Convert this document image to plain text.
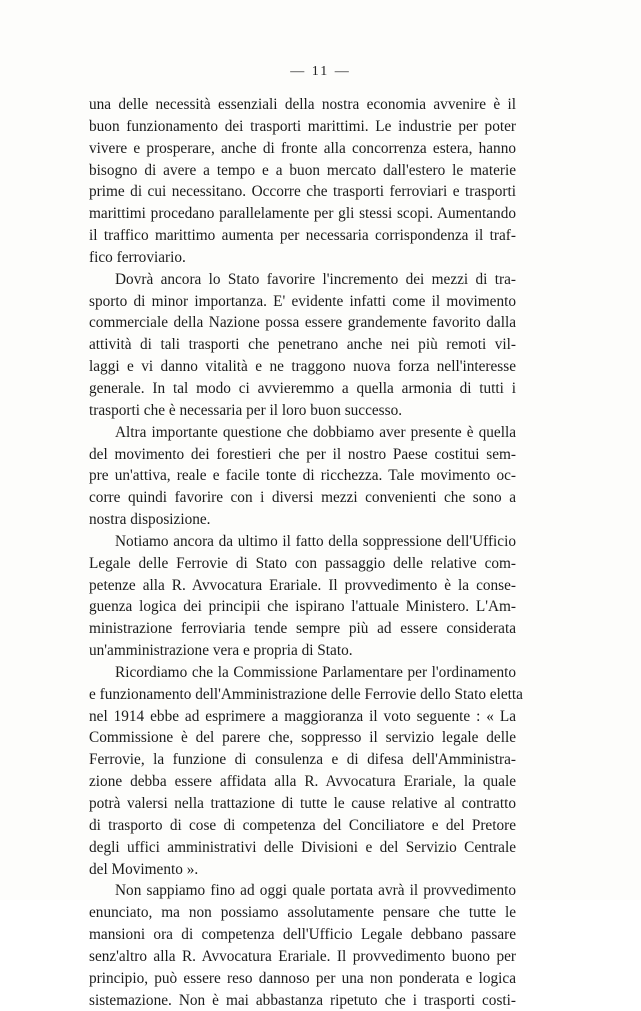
— 11 —

una delle necessità essenziali della nostra economia avvenire è il
buon funzionamento dei trasporti marittimi. Le industrie per poter
vivere e prosperare, anche di fronte alla concorrenza estera, hanno
bisogno di avere a tempo e a buon mercato dall'estero le materie
prime di cui necessitano. Occorre che trasporti ferroviari e trasporti
marittimi procedano parallelamente per gli stessi scopi. Aumentando
il traffico marittimo aumenta per necessaria corrispondenza il traf-
fico ferroviario.

Dovrà ancora lo Stato favorire l'incremento dei mezzi di tra-
sporto di minor importanza. E' evidente infatti come il movimento
commerciale della Nazione possa essere grandemente favorito dalla
attività di tali trasporti che penetrano anche nei più remoti vil-
laggi e vi danno vitalità e ne traggono nuova forza nell'interesse
generale. In tal modo ci avvieremmo a quella armonia di tutti i
trasporti che è necessaria per il loro buon successo.

Altra importante questione che dobbiamo aver presente è quella
del movimento dei forestieri che per il nostro Paese costitui sem-
pre un'attiva, reale e facile tonte di ricchezza. Tale movimento oc-
corre quindi favorire con i diversi mezzi convenienti che sono a
nostra disposizione.

Notiamo ancora da ultimo il fatto della soppressione dell'Ufficio
Legale delle Ferrovie di Stato con passaggio delle relative com-
petenze alla R. Avvocatura Erariale. Il provvedimento è la conse-
guenza logica dei principii che ispirano l'attuale Ministero. L'Am-
ministrazione ferroviaria tende sempre più ad essere considerata
un'amministrazione vera e propria di Stato.

Ricordiamo che la Commissione Parlamentare per l'ordinamento
e funzionamento dell'Amministrazione delle Ferrovie dello Stato eletta
nel 1914 ebbe ad esprimere a maggioranza il voto seguente : « La
Commissione è del parere che, soppresso il servizio legale delle
Ferrovie, la funzione di consulenza e di difesa dell'Amministra-
zione debba essere affidata alla R. Avvocatura Erariale, la quale
potrà valersi nella trattazione di tutte le cause relative al contratto
di trasporto di cose di competenza del Conciliatore e del Pretore
degli uffici amministrativi delle Divisioni e del Servizio Centrale
del Movimento ».

Non sappiamo fino ad oggi quale portata avrà il provvedimento
enunciato, ma non possiamo assolutamente pensare che tutte le
mansioni ora di competenza dell'Ufficio Legale debbano passare
senz'altro alla R. Avvocatura Erariale. Il provvedimento buono per
principio, può essere reso dannoso per una non ponderata e logica
sistemazione. Non è mai abbastanza ripetuto che i trasporti costi-
